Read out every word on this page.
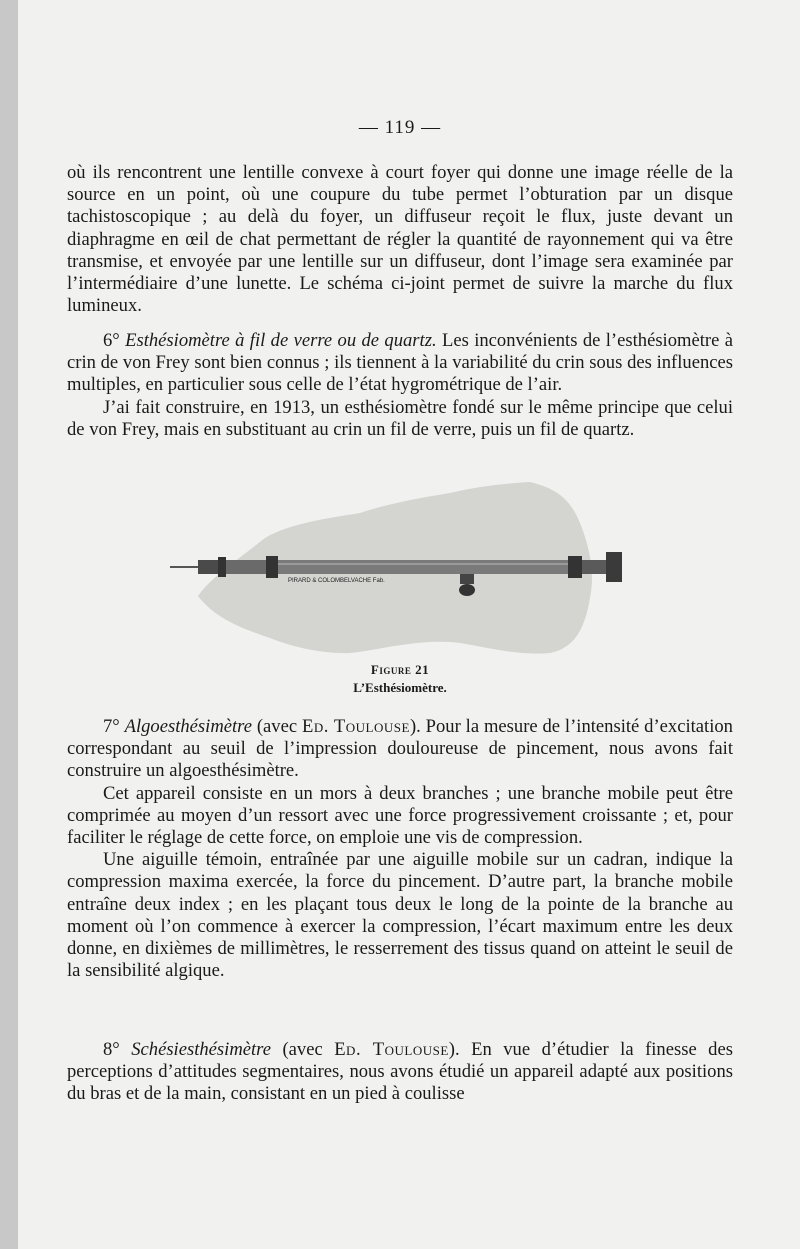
— 119 —

où ils rencontrent une lentille convexe à court foyer qui donne une image réelle de la source en un point, où une coupure du tube permet l’obturation par un disque tachistoscopique ; au delà du foyer, un diffuseur reçoit le flux, juste devant un diaphragme en œil de chat permettant de régler la quantité de rayonnement qui va être transmise, et envoyée par une lentille sur un diffuseur, dont l’image sera examinée par l’intermédiaire d’une lunette. Le schéma ci-joint permet de suivre la marche du flux lumineux.

6° Esthésiomètre à fil de verre ou de quartz. Les inconvénients de l’esthésiomètre à crin de von Frey sont bien connus ; ils tiennent à la variabilité du crin sous des influences multiples, en particulier sous celle de l’état hygrométrique de l’air.

J’ai fait construire, en 1913, un esthésiomètre fondé sur le même principe que celui de von Frey, mais en substituant au crin un fil de verre, puis un fil de quartz.

PIRARD & COLOMBELVACHE Fab.
Figure 21
L’Esthésiomètre.

7° Algoesthésimètre (avec Ed. Toulouse). Pour la mesure de l’intensité d’excitation correspondant au seuil de l’impression douloureuse de pincement, nous avons fait construire un algoesthésimètre.

Cet appareil consiste en un mors à deux branches ; une branche mobile peut être comprimée au moyen d’un ressort avec une force progressivement croissante ; et, pour faciliter le réglage de cette force, on emploie une vis de compression.

Une aiguille témoin, entraînée par une aiguille mobile sur un cadran, indique la compression maxima exercée, la force du pincement. D’autre part, la branche mobile entraîne deux index ; en les plaçant tous deux le long de la pointe de la branche au moment où l’on commence à exercer la compression, l’écart maximum entre les deux donne, en dixièmes de millimètres, le resserrement des tissus quand on atteint le seuil de la sensibilité algique.

8° Schésiesthésimètre (avec Ed. Toulouse). En vue d’étudier la finesse des perceptions d’attitudes segmentaires, nous avons étudié un appareil adapté aux positions du bras et de la main, consistant en un pied à coulisse
